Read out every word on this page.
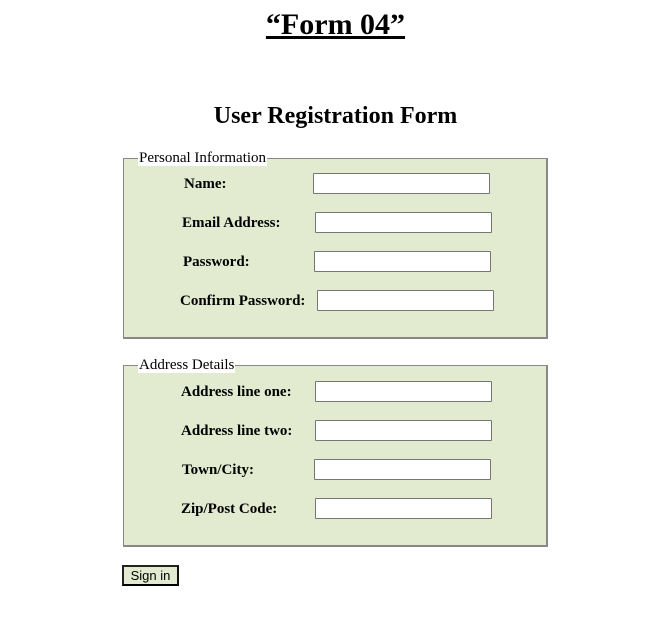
“Form 04”
User Registration Form
Personal Information
Name:
Email Address:
Password:
Confirm Password:
Address Details
Address line one:
Address line two:
Town/City:
Zip/Post Code:
Sign in
